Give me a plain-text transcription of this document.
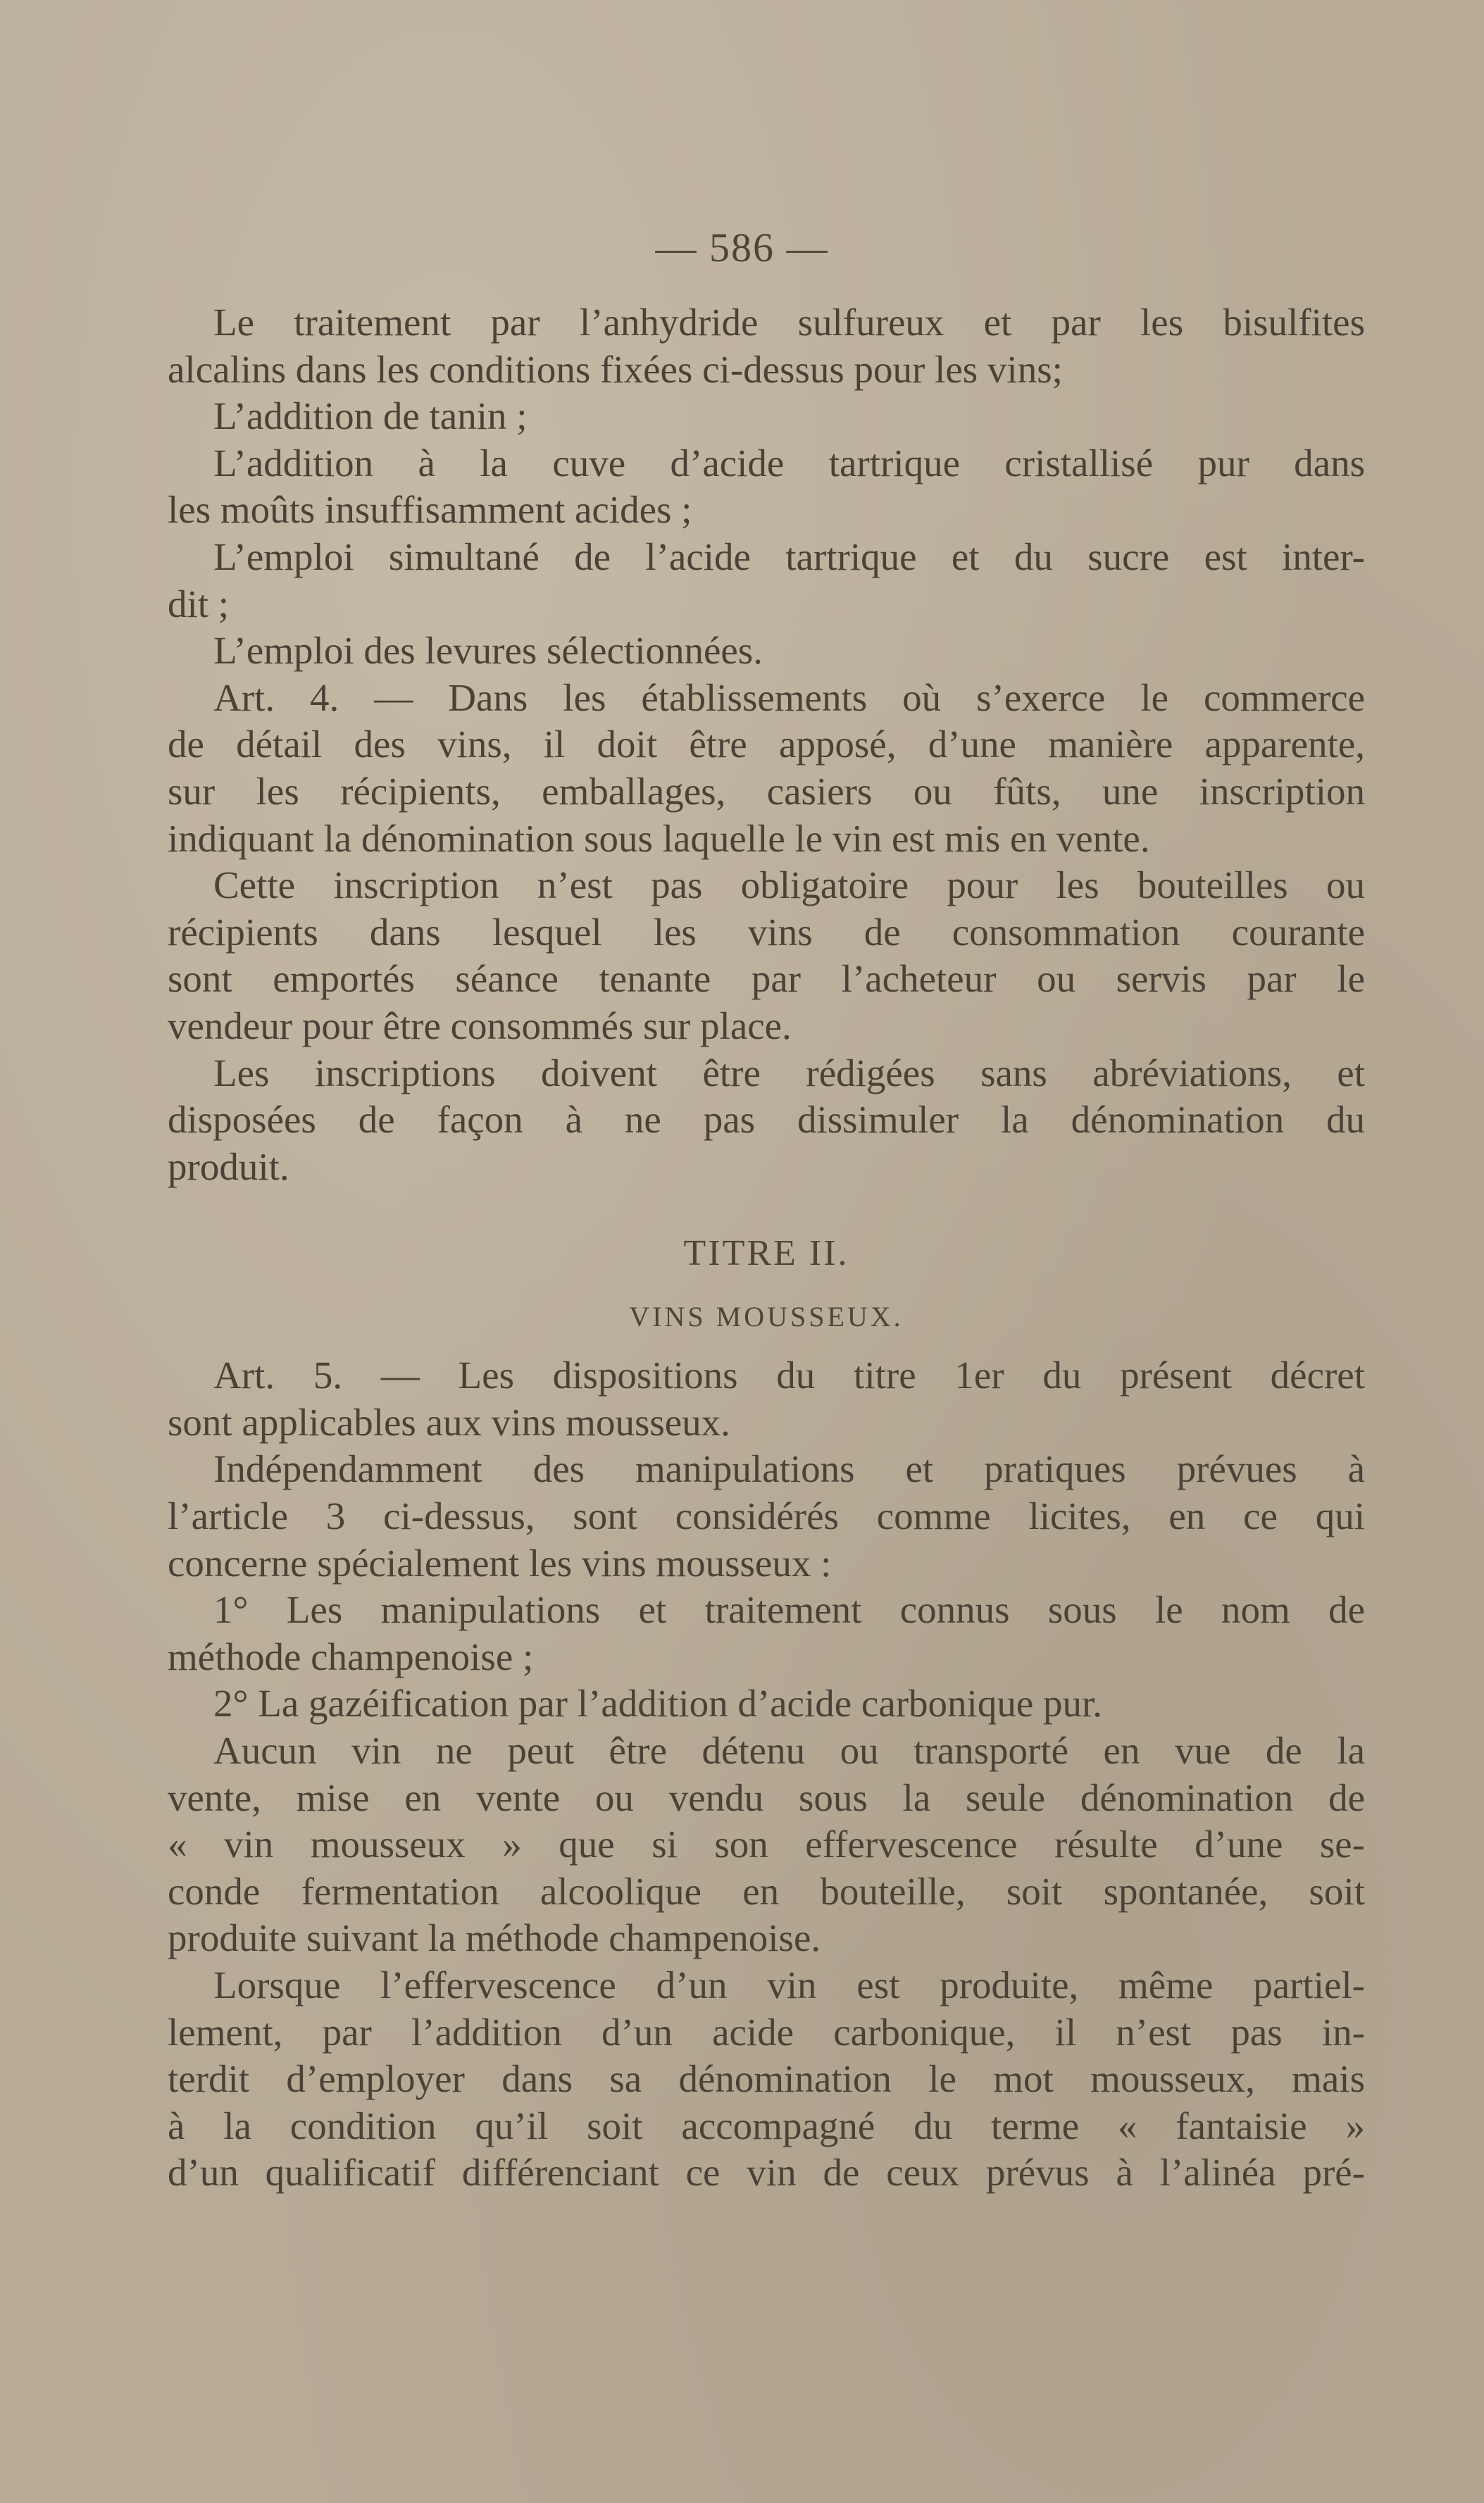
— 586 —
Le traitement par l’anhydride sulfureux et par les bisulfites
alcalins dans les conditions fixées ci-dessus pour les vins;
L’addition de tanin ;
L’addition à la cuve d’acide tartrique cristallisé pur dans
les moûts insuffisamment acides ;
L’emploi simultané de l’acide tartrique et du sucre est inter-
dit ;
L’emploi des levures sélectionnées.
Art. 4. — Dans les établissements où s’exerce le commerce
de détail des vins, il doit être apposé, d’une manière apparente,
sur les récipients, emballages, casiers ou fûts, une inscription
indiquant la dénomination sous laquelle le vin est mis en vente.
Cette inscription n’est pas obligatoire pour les bouteilles ou
récipients dans lesquel les vins de consommation courante
sont emportés séance tenante par l’acheteur ou servis par le
vendeur pour être consommés sur place.
Les inscriptions doivent être rédigées sans abréviations, et
disposées de façon à ne pas dissimuler la dénomination du
produit.
TITRE II.
VINS MOUSSEUX.
Art. 5. — Les dispositions du titre 1er du présent décret
sont applicables aux vins mousseux.
Indépendamment des manipulations et pratiques prévues à
l’article 3 ci-dessus, sont considérés comme licites, en ce qui
concerne spécialement les vins mousseux :
1° Les manipulations et traitement connus sous le nom de
méthode champenoise ;
2° La gazéification par l’addition d’acide carbonique pur.
Aucun vin ne peut être détenu ou transporté en vue de la
vente, mise en vente ou vendu sous la seule dénomination de
« vin mousseux » que si son effervescence résulte d’une se-
conde fermentation alcoolique en bouteille, soit spontanée, soit
produite suivant la méthode champenoise.
Lorsque l’effervescence d’un vin est produite, même partiel-
lement, par l’addition d’un acide carbonique, il n’est pas in-
terdit d’employer dans sa dénomination le mot mousseux, mais
à la condition qu’il soit accompagné du terme « fantaisie »
d’un qualificatif différenciant ce vin de ceux prévus à l’alinéa pré-
